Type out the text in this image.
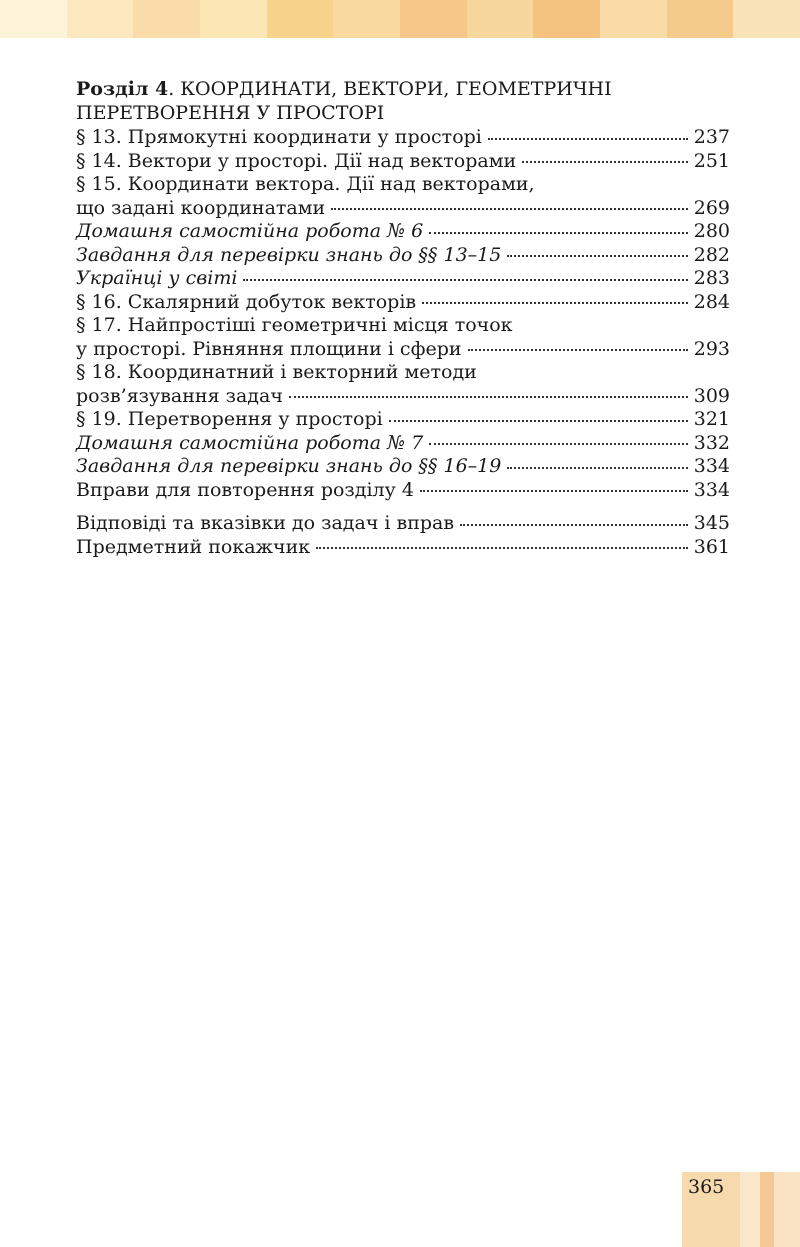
Розділ 4. КООРДИНАТИ, ВЕКТОРИ, ГЕОМЕТРИЧНІ
ПЕРЕТВОРЕННЯ У ПРОСТОРІ
§ 13. Прямокутні координати у просторі	237
§ 14. Вектори у просторі. Дії над векторами	251
§ 15. Координати вектора. Дії над векторами,
що задані координатами	269
Домашня самостійна робота № 6	280
Завдання для перевірки знань до §§ 13–15	282
Українці у світі	283
§ 16. Скалярний добуток векторів	284
§ 17. Найпростіші геометричні місця точок
у просторі. Рівняння площини і сфери	293
§ 18. Координатний і векторний методи
розв’язування задач	309
§ 19. Перетворення у просторі	321
Домашня самостійна робота № 7	332
Завдання для перевірки знань до §§ 16–19	334
Вправи для повторення розділу 4	334
Відповіді та вказівки до задач і вправ	345
Предметний покажчик	361
365
